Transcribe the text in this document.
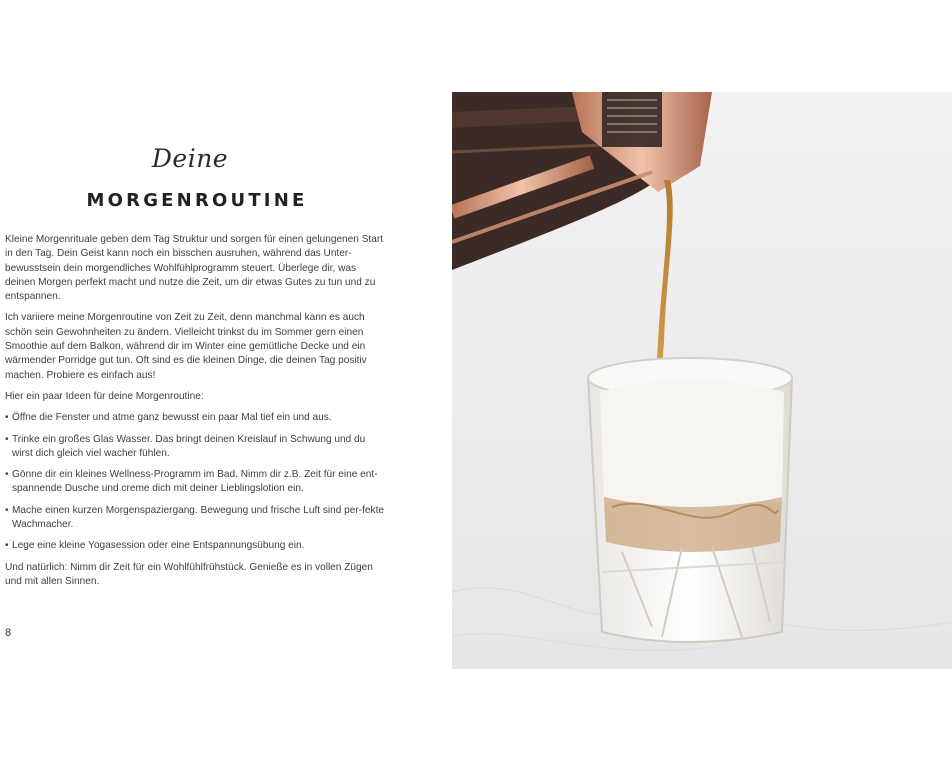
Deine
MORGENROUTINE

Kleine Morgenrituale geben dem Tag Struktur und sorgen für einen gelungenen Start in den Tag. Dein Geist kann noch ein bisschen ausruhen, während das Unter-bewusstsein dein morgendliches Wohlfühlprogramm steuert. Überlege dir, was deinen Morgen perfekt macht und nutze die Zeit, um dir etwas Gutes zu tun und zu entspannen.

Ich variiere meine Morgenroutine von Zeit zu Zeit, denn manchmal kann es auch schön sein Gewohnheiten zu ändern. Vielleicht trinkst du im Sommer gern einen Smoothie auf dem Balkon, während dir im Winter eine gemütliche Decke und ein wärmender Porridge gut tun. Oft sind es die kleinen Dinge, die deinen Tag positiv machen. Probiere es einfach aus!

Hier ein paar Ideen für deine Morgenroutine:

• Öffne die Fenster und atme ganz bewusst ein paar Mal tief ein und aus.
• Trinke ein großes Glas Wasser. Das bringt deinen Kreislauf in Schwung und du wirst dich gleich viel wacher fühlen.
• Gönne dir ein kleines Wellness-Programm im Bad. Nimm dir z.B. Zeit für eine ent-spannende Dusche und creme dich mit deiner Lieblingslotion ein.
• Mache einen kurzen Morgenspaziergang. Bewegung und frische Luft sind per-fekte Wachmacher.
• Lege eine kleine Yogasession oder eine Entspannungsübung ein.

Und natürlich: Nimm dir Zeit für ein Wohlfühlfrühstück. Genieße es in vollen Zügen und mit allen Sinnen.

8
